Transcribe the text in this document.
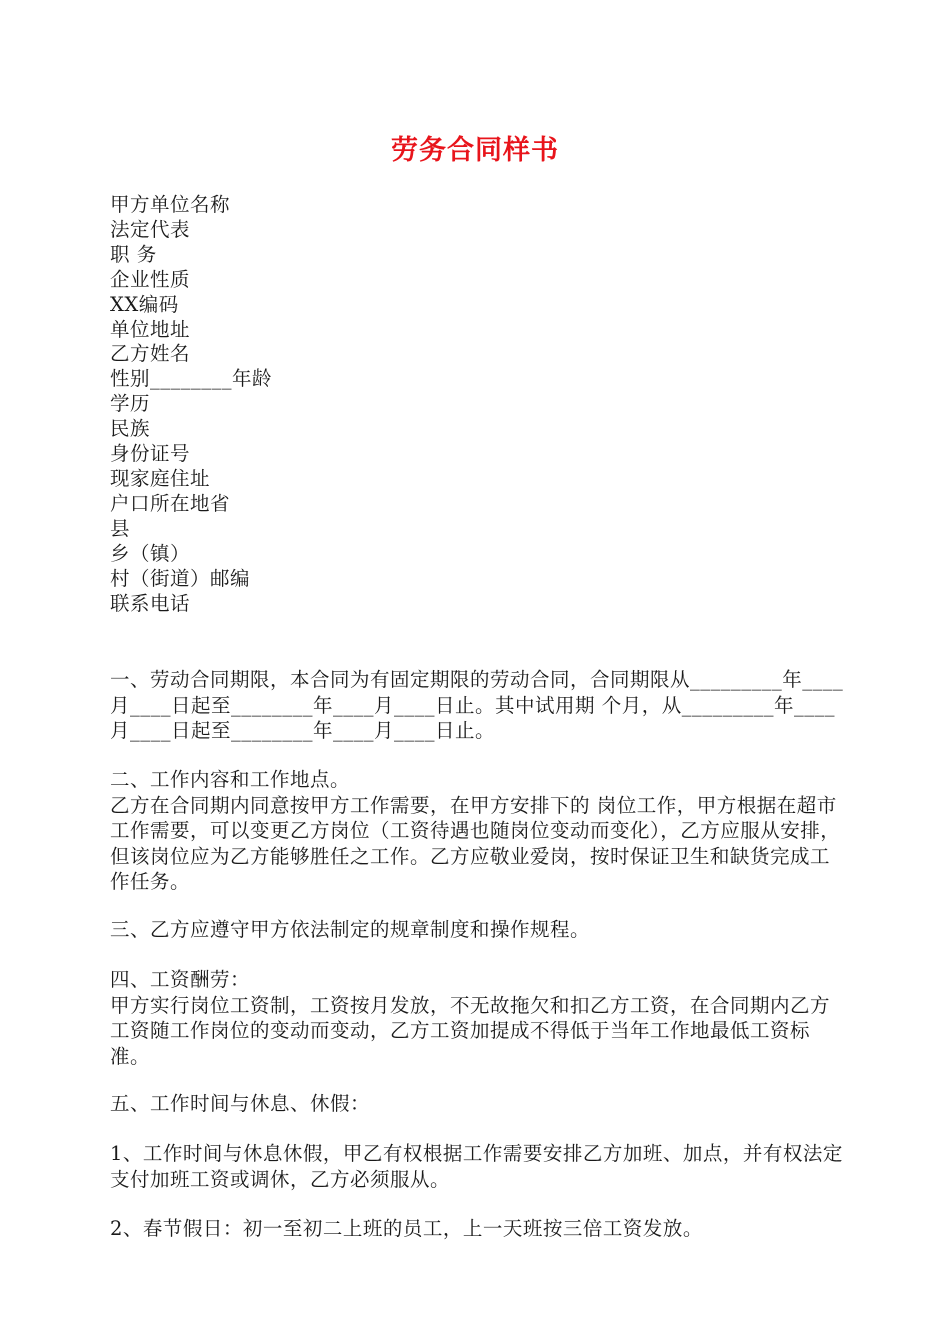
劳务合同样书
甲方单位名称
法定代表
职 务
企业性质
XX编码
单位地址
乙方姓名
性别________年龄
学历
民族
身份证号
现家庭住址
户口所在地省
县
乡（镇）
村（街道）邮编
联系电话

一、劳动合同期限，本合同为有固定期限的劳动合同，合同期限从_________年____月____日起至________年____月____日止。其中试用期 个月，从_________年____月____日起至________年____月____日止。

二、工作内容和工作地点。

乙方在合同期内同意按甲方工作需要，在甲方安排下的 岗位工作，甲方根据在超市工作需要，可以变更乙方岗位（工资待遇也随岗位变动而变化），乙方应服从安排，但该岗位应为乙方能够胜任之工作。乙方应敬业爱岗，按时保证卫生和缺货完成工作任务。

三、乙方应遵守甲方依法制定的规章制度和操作规程。

四、工资酬劳：

甲方实行岗位工资制，工资按月发放，不无故拖欠和扣乙方工资，在合同期内乙方工资随工作岗位的变动而变动，乙方工资加提成不得低于当年工作地最低工资标准。

五、工作时间与休息、休假：

1、工作时间与休息休假，甲乙有权根据工作需要安排乙方加班、加点，并有权法定支付加班工资或调休，乙方必须服从。

2、春节假日：初一至初二上班的员工，上一天班按三倍工资发放。
